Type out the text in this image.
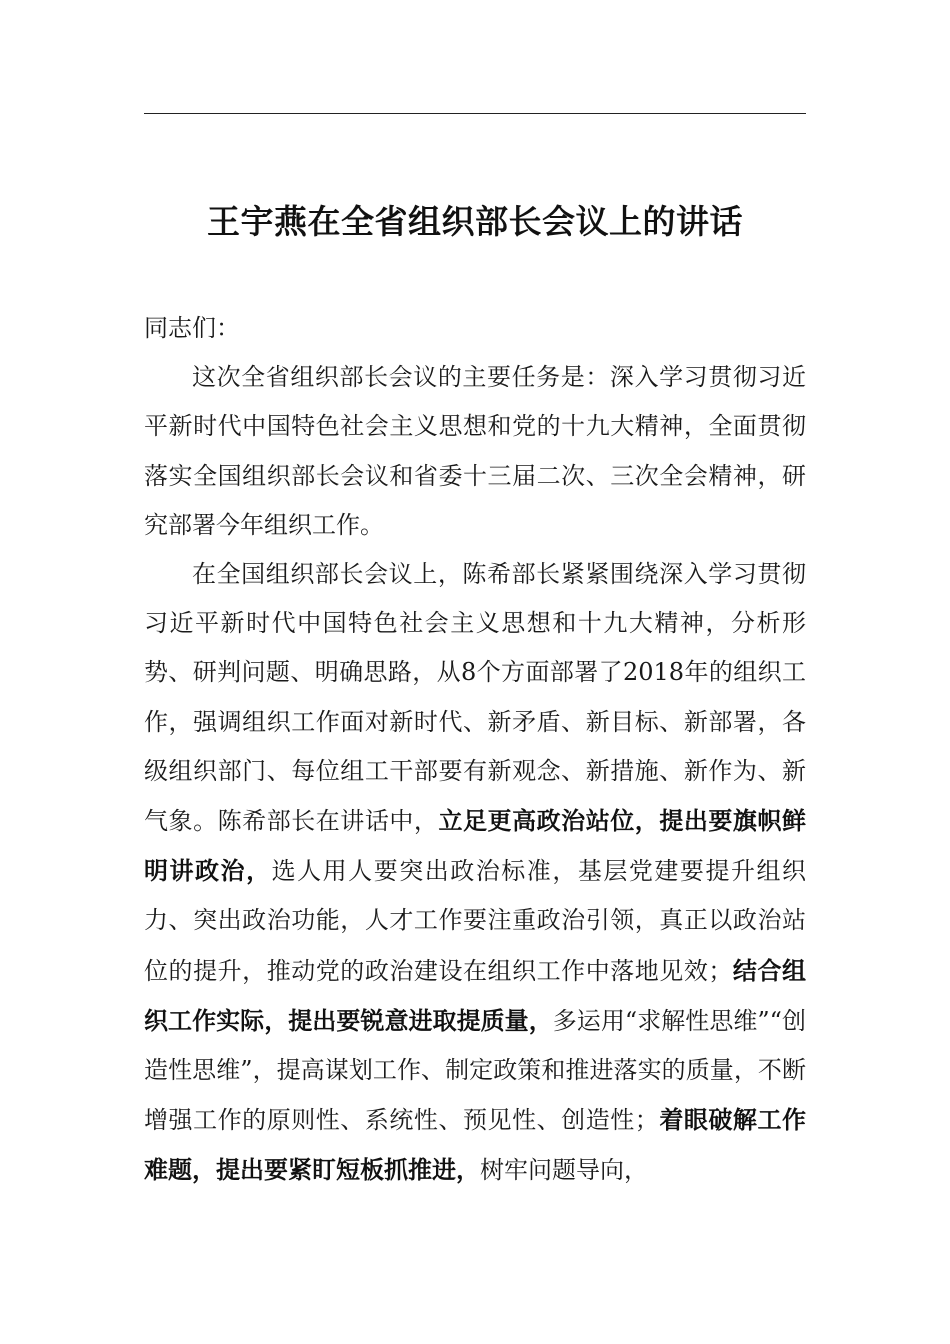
王宇燕在全省组织部长会议上的讲话

同志们：

这次全省组织部长会议的主要任务是：深入学习贯彻习近平新时代中国特色社会主义思想和党的十九大精神，全面贯彻落实全国组织部长会议和省委十三届二次、三次全会精神，研究部署今年组织工作。

在全国组织部长会议上，陈希部长紧紧围绕深入学习贯彻习近平新时代中国特色社会主义思想和十九大精神，分析形势、研判问题、明确思路，从8个方面部署了2018年的组织工作，强调组织工作面对新时代、新矛盾、新目标、新部署，各级组织部门、每位组工干部要有新观念、新措施、新作为、新气象。陈希部长在讲话中，立足更高政治站位，提出要旗帜鲜明讲政治，选人用人要突出政治标准，基层党建要提升组织力、突出政治功能，人才工作要注重政治引领，真正以政治站位的提升，推动党的政治建设在组织工作中落地见效；结合组织工作实际，提出要锐意进取提质量，多运用“求解性思维”“创造性思维”，提高谋划工作、制定政策和推进落实的质量，不断增强工作的原则性、系统性、预见性、创造性；着眼破解工作难题，提出要紧盯短板抓推进，树牢问题导向，
